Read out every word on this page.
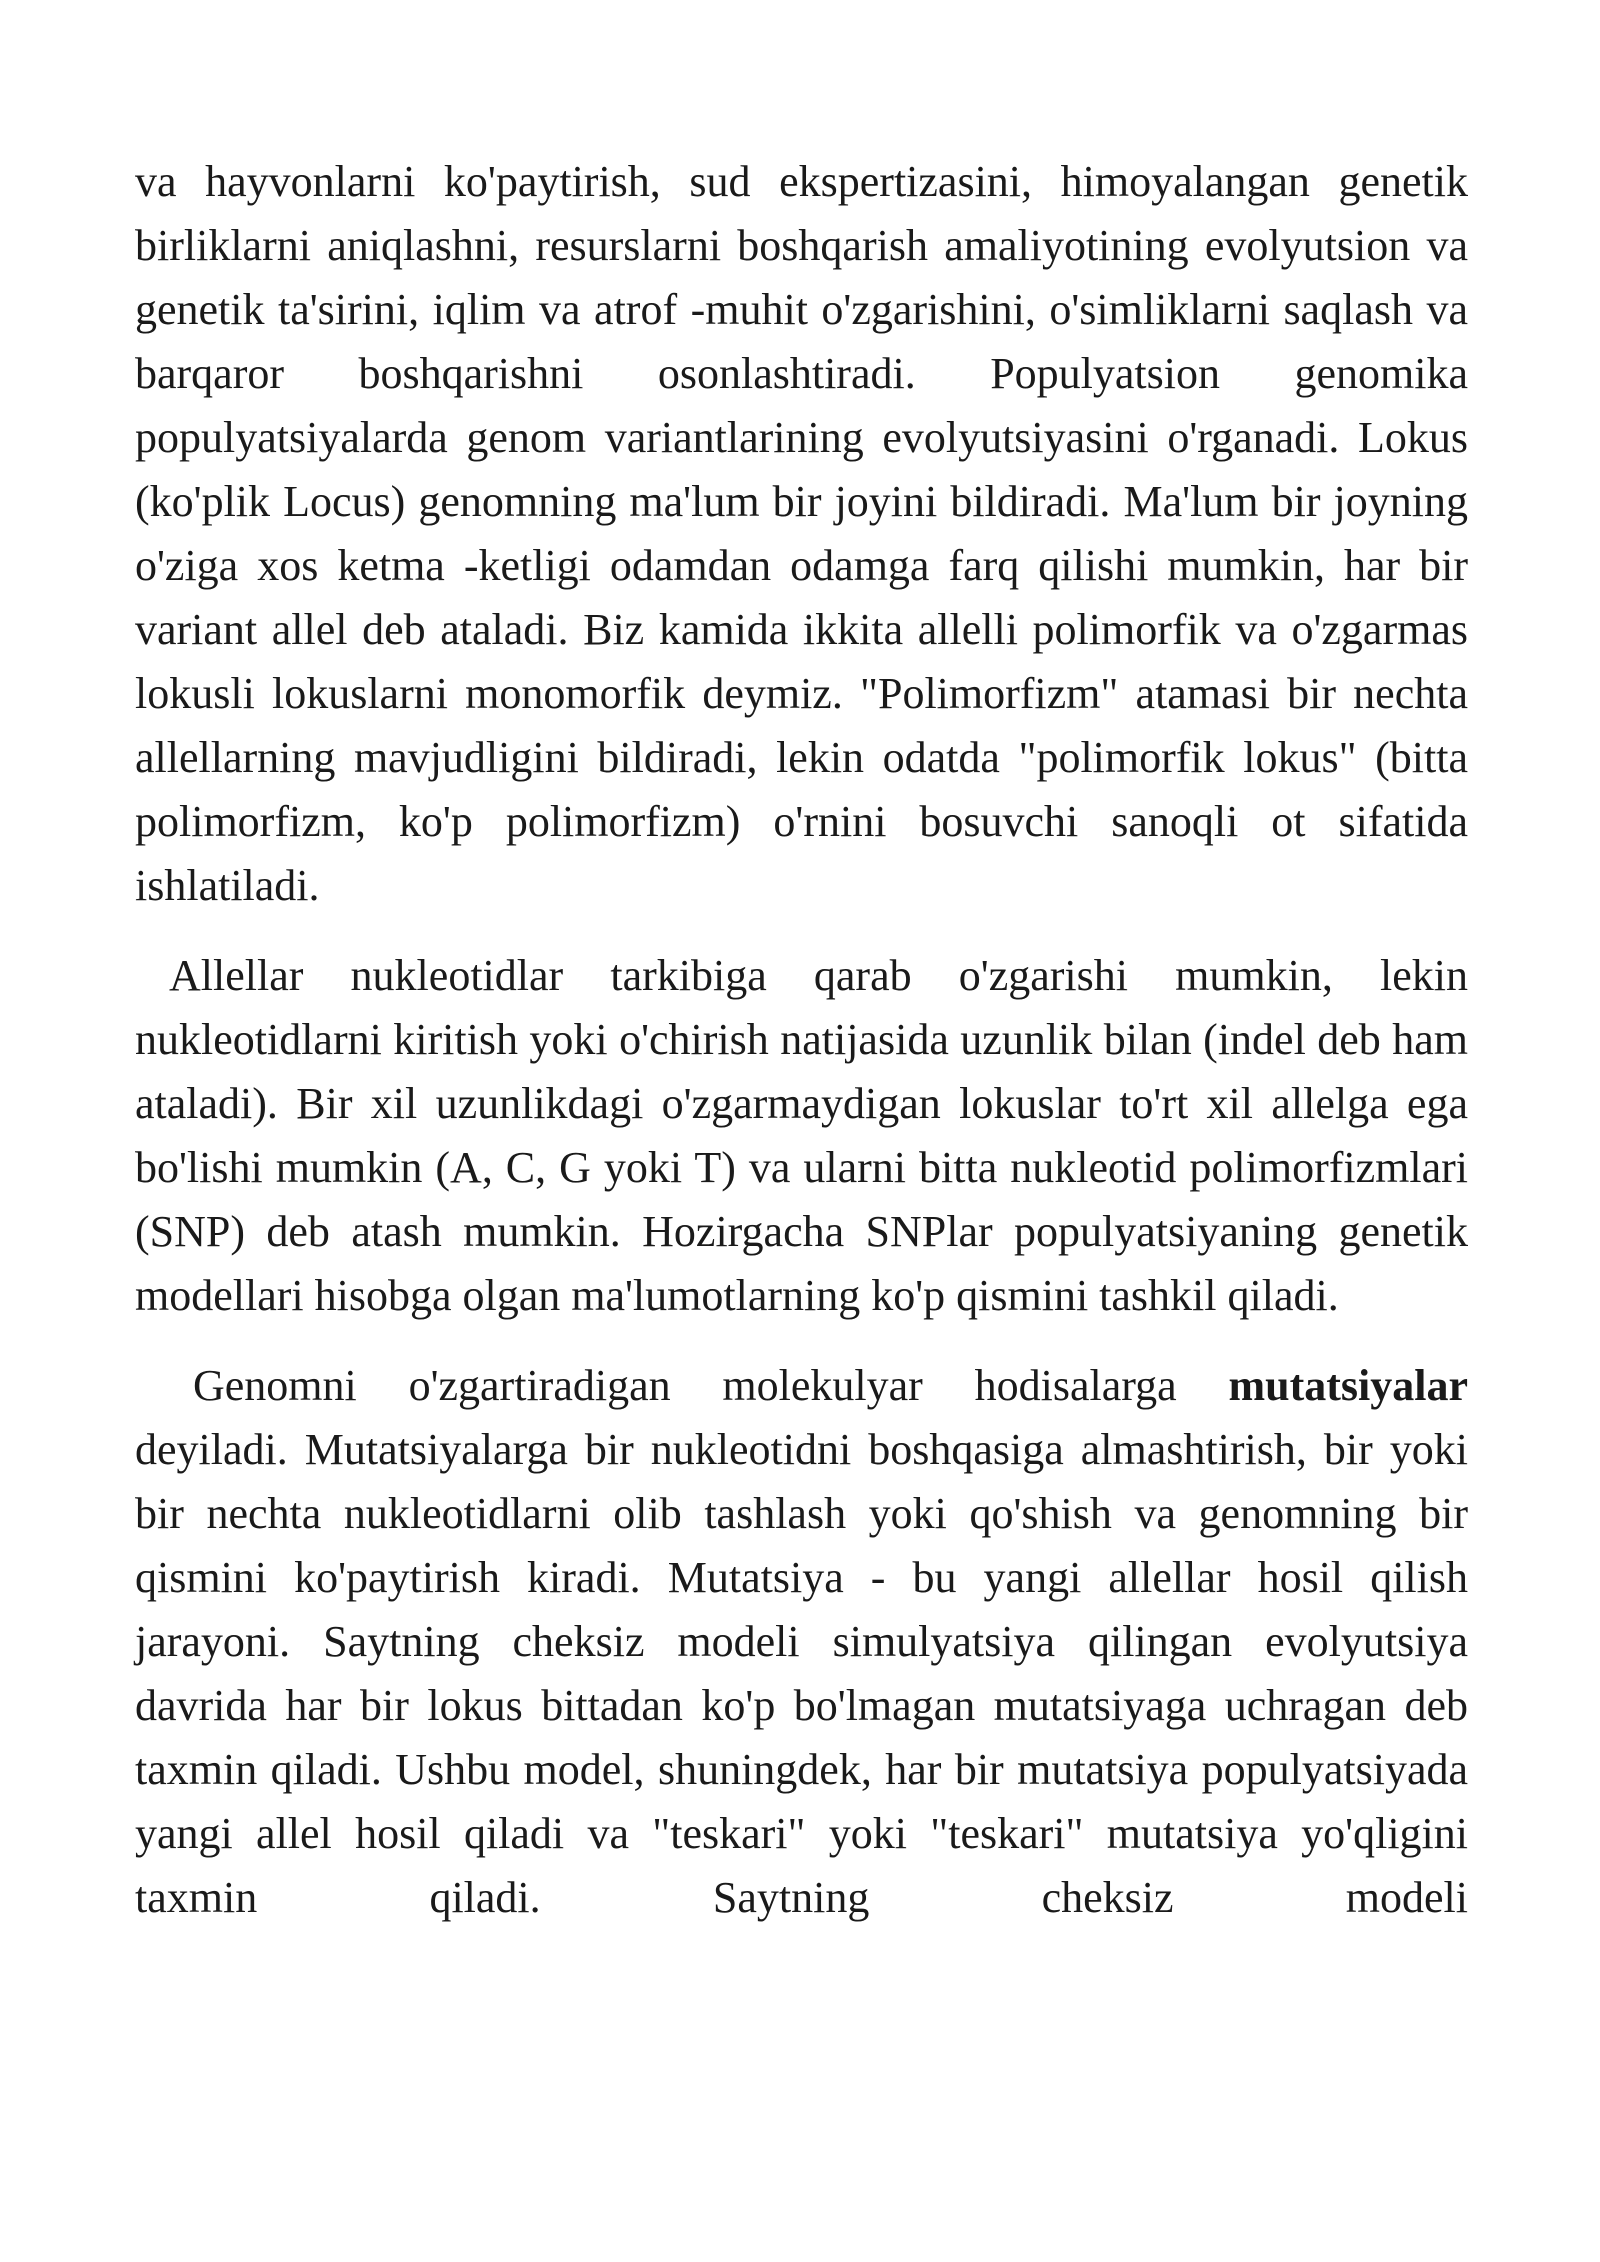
va hayvonlarni ko'paytirish, sud ekspertizasini, himoyalangan genetik birliklarni aniqlashni, resurslarni boshqarish amaliyotining evolyutsion va genetik ta'sirini, iqlim va atrof -muhit o'zgarishini, o'simliklarni saqlash va barqaror boshqarishni osonlashtiradi. Populyatsion genomika populyatsiyalarda genom variantlarining evolyutsiyasini o'rganadi. Lokus (ko'plik Locus) genomning ma'lum bir joyini bildiradi. Ma'lum bir joyning o'ziga xos ketma -ketligi odamdan odamga farq qilishi mumkin, har bir variant allel deb ataladi. Biz kamida ikkita allelli polimorfik va o'zgarmas lokusli lokuslarni monomorfik deymiz. "Polimorfizm" atamasi bir nechta allellarning mavjudligini bildiradi, lekin odatda "polimorfik lokus" (bitta polimorfizm, ko'p polimorfizm) o'rnini bosuvchi sanoqli ot sifatida ishlatiladi.

Allellar nukleotidlar tarkibiga qarab o'zgarishi mumkin, lekin nukleotidlarni kiritish yoki o'chirish natijasida uzunlik bilan (indel deb ham ataladi). Bir xil uzunlikdagi o'zgarmaydigan lokuslar to'rt xil allelga ega bo'lishi mumkin (A, C, G yoki T) va ularni bitta nukleotid polimorfizmlari (SNP) deb atash mumkin. Hozirgacha SNPlar populyatsiyaning genetik modellari hisobga olgan ma'lumotlarning ko'p qismini tashkil qiladi.

Genomni o'zgartiradigan molekulyar hodisalarga mutatsiyalar deyiladi. Mutatsiyalarga bir nukleotidni boshqasiga almashtirish, bir yoki bir nechta nukleotidlarni olib tashlash yoki qo'shish va genomning bir qismini ko'paytirish kiradi. Mutatsiya - bu yangi allellar hosil qilish jarayoni. Saytning cheksiz modeli simulyatsiya qilingan evolyutsiya davrida har bir lokus bittadan ko'p bo'lmagan mutatsiyaga uchragan deb taxmin qiladi. Ushbu model, shuningdek, har bir mutatsiya populyatsiyada yangi allel hosil qiladi va "teskari" yoki "teskari" mutatsiya yo'qligini taxmin qiladi. Saytning cheksiz modeli
